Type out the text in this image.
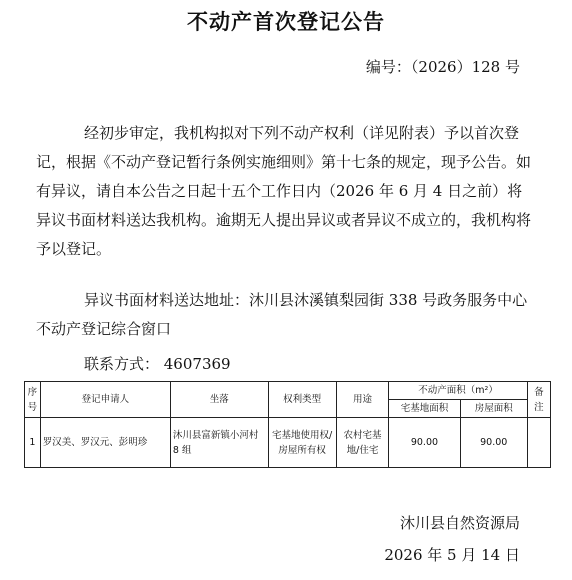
不动产首次登记公告
编号：（2026）128 号
经初步审定，我机构拟对下列不动产权利（详见附表）予以首次登记，根据《不动产登记暂行条例实施细则》第十七条的规定，现予公告。如有异议，请自本公告之日起十五个工作日内（2026 年 6 月 4 日之前）将异议书面材料送达我机构。逾期无人提出异议或者异议不成立的，我机构将予以登记。
异议书面材料送达地址：沐川县沐溪镇梨园街 338 号政务服务中心不动产登记综合窗口
联系方式： 4607369
序号	登记申请人	坐落	权利类型	用途	不动产面积（m²）		备注
					宅基地面积	房屋面积	
1	罗汉美、罗汉元、彭明珍	沐川县富新镇小河村 8 组	宅基地使用权/房屋所有权	农村宅基地/住宅	90.00	90.00	
沐川县自然资源局
2026 年 5 月 14 日
